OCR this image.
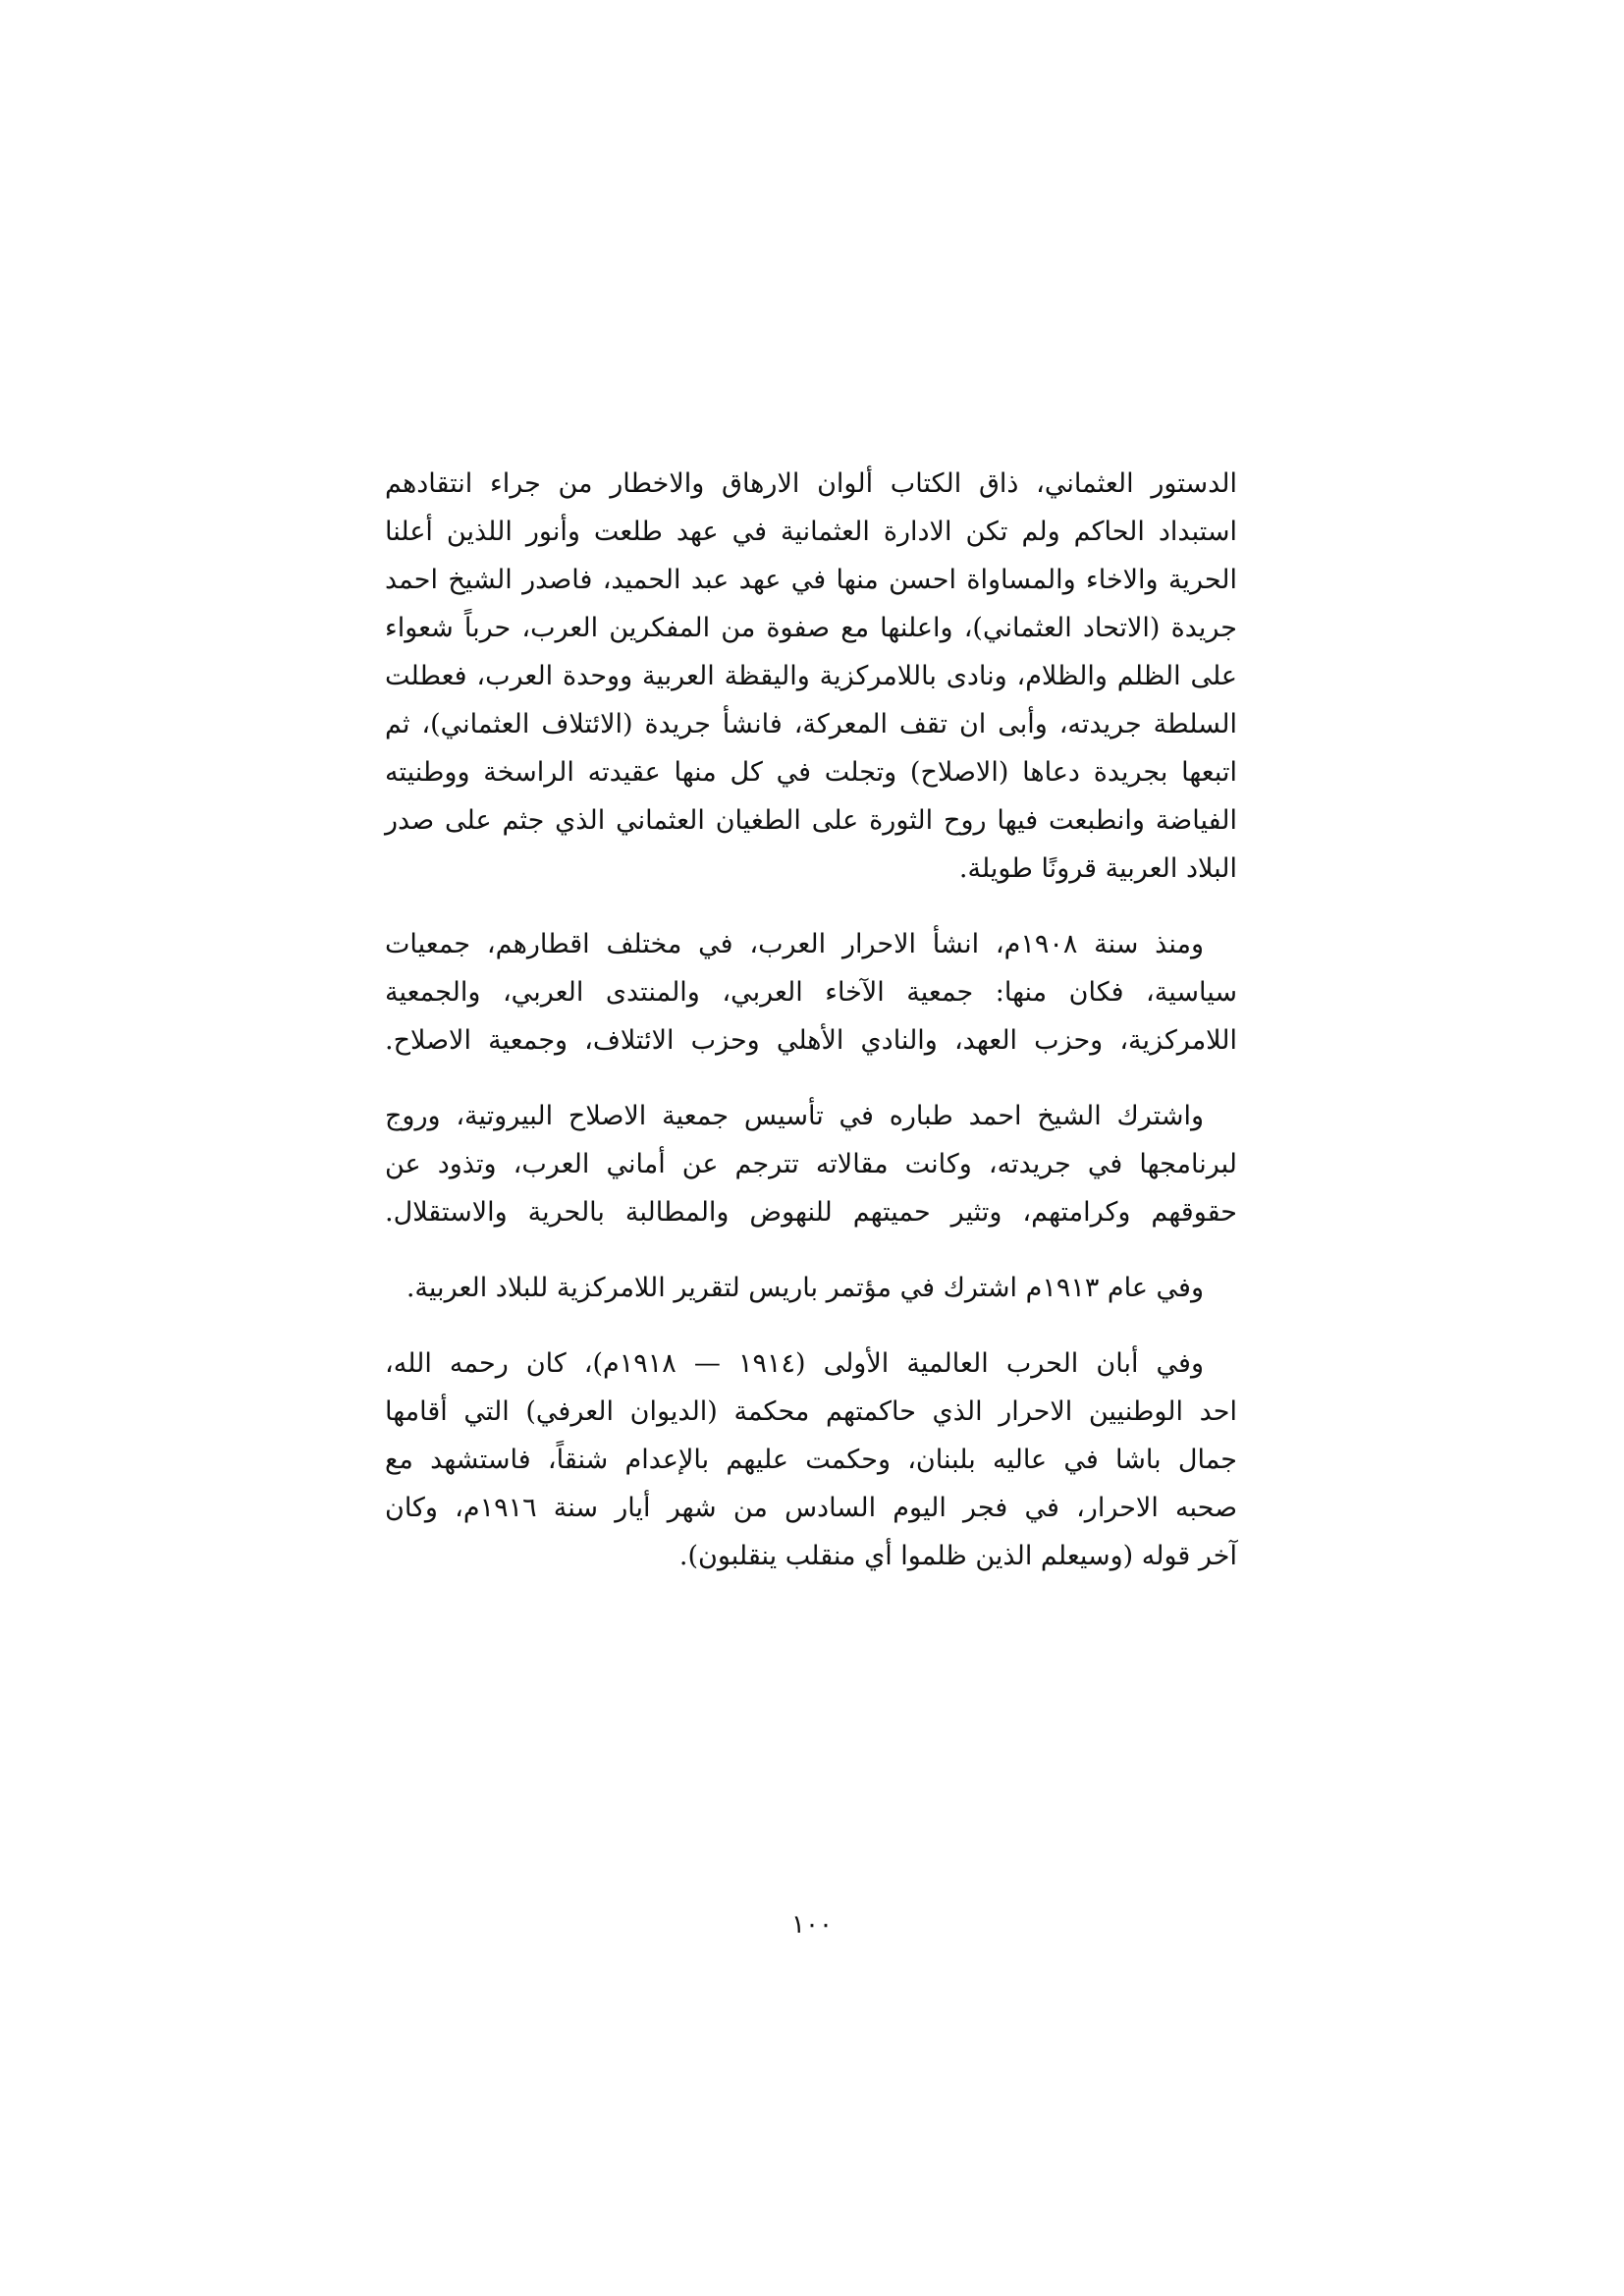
الدستور العثماني، ذاق الكتاب ألوان الارهاق والاخطار من جراء انتقادهم
استبداد الحاكم ولم تكن الادارة العثمانية في عهد طلعت وأنور اللذين أعلنا
الحرية والاخاء والمساواة احسن منها في عهد عبد الحميد، فاصدر الشيخ احمد
جريدة (الاتحاد العثماني)، واعلنها مع صفوة من المفكرين العرب، حرباً شعواء
على الظلم والظلام، ونادى باللامركزية واليقظة العربية ووحدة العرب، فعطلت
السلطة جريدته، وأبى ان تقف المعركة، فانشأ جريدة (الائتلاف العثماني)، ثم
اتبعها بجريدة دعاها (الاصلاح) وتجلت في كل منها عقيدته الراسخة ووطنيته
الفياضة وانطبعت فيها روح الثورة على الطغيان العثماني الذي جثم على صدر
البلاد العربية قرونًا طويلة.

ومنذ سنة ١٩٠٨م، انشأ الاحرار العرب، في مختلف اقطارهم، جمعيات
سياسية، فكان منها: جمعية الآخاء العربي، والمنتدى العربي، والجمعية
اللامركزية، وحزب العهد، والنادي الأهلي وحزب الائتلاف، وجمعية الاصلاح.

واشترك الشيخ احمد طباره في تأسيس جمعية الاصلاح البيروتية، وروج
لبرنامجها في جريدته، وكانت مقالاته تترجم عن أماني العرب، وتذود عن
حقوقهم وكرامتهم، وتثير حميتهم للنهوض والمطالبة بالحرية والاستقلال.

وفي عام ١٩١٣م اشترك في مؤتمر باريس لتقرير اللامركزية للبلاد العربية.

وفي أبان الحرب العالمية الأولى (١٩١٤ — ١٩١٨م)، كان رحمه الله،
احد الوطنيين الاحرار الذي حاكمتهم محكمة (الديوان العرفي) التي أقامها
جمال باشا في عاليه بلبنان، وحكمت عليهم بالإعدام شنقاً، فاستشهد مع
صحبه الاحرار، في فجر اليوم السادس من شهر أيار سنة ١٩١٦م، وكان
آخر قوله (وسيعلم الذين ظلموا أي منقلب ينقلبون).

١٠٠
